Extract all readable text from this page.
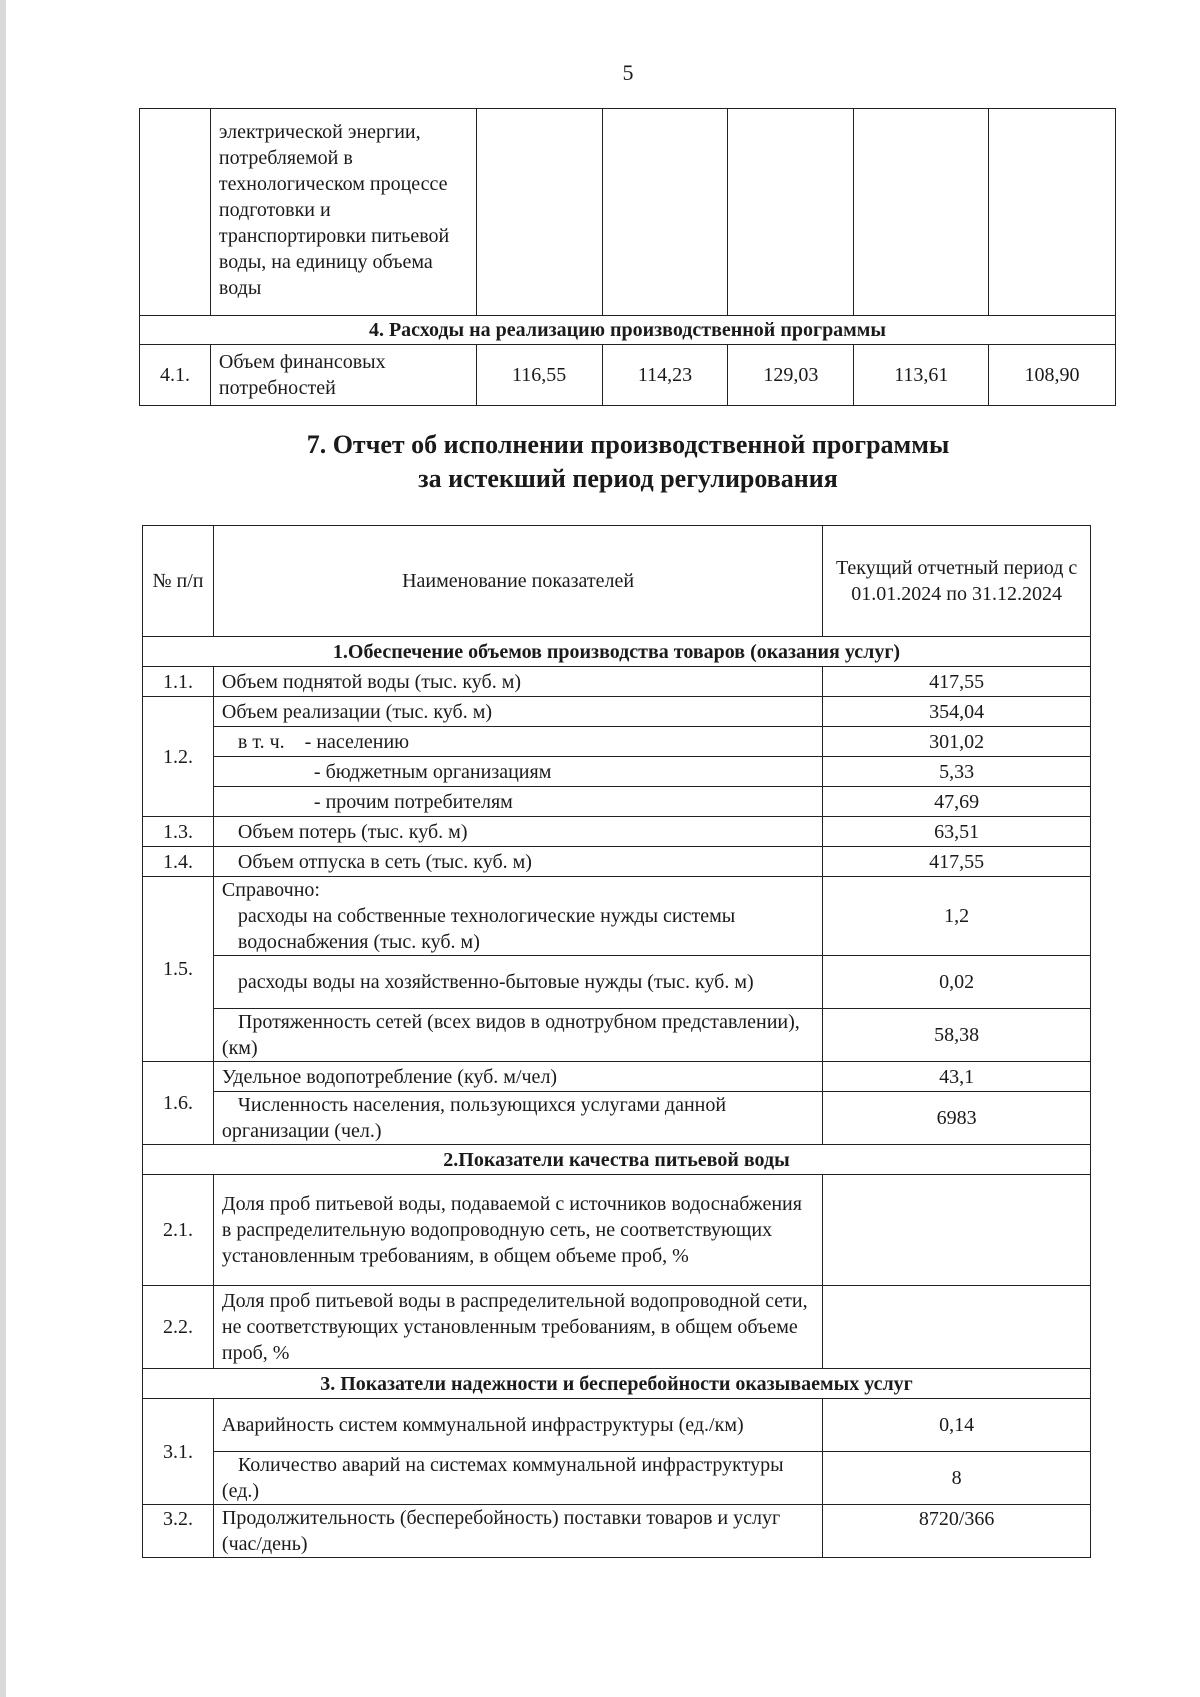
5
	электрической энергии, потребляемой в технологическом процессе подготовки и транспортировки питьевой воды, на единицу объема воды					
4. Расходы на реализацию производственной программы						
4.1.	Объем финансовых потребностей	116,55	114,23	129,03	113,61	108,90
7. Отчет об исполнении производственной программы
за истекший период регулирования
№ п/п	Наименование показателей	Текущий отчетный период с 01.01.2024 по 31.12.2024
1.Обеспечение объемов производства товаров (оказания услуг)		
1.1.	Объем поднятой воды (тыс. куб. м)	417,55
1.2.	Объем реализации (тыс. куб. м)	354,04
	в т. ч.    - населению	301,02
	- бюджетным организациям	5,33
	- прочим потребителям	47,69
1.3.	Объем потерь (тыс. куб. м)	63,51
1.4.	Объем отпуска в сеть (тыс. куб. м)	417,55
1.5.	Справочно:
расходы на собственные технологические нужды системы водоснабжения (тыс. куб. м)	1,2
	расходы воды на хозяйственно-бытовые нужды (тыс. куб. м)	0,02
	Протяженность сетей (всех видов в однотрубном представлении), (км)	58,38
1.6.	Удельное водопотребление (куб. м/чел)	43,1
	Численность населения, пользующихся услугами данной организации (чел.)	6983
2.Показатели качества питьевой воды		
2.1.	Доля проб питьевой воды, подаваемой с источников водоснабжения в распределительную водопроводную сеть, не соответствующих установленным требованиям, в общем объеме проб, %	
2.2.	Доля проб питьевой воды в распределительной водопроводной сети, не соответствующих установленным требованиям, в общем объеме проб, %	
3. Показатели надежности и бесперебойности оказываемых услуг		
3.1.	Аварийность систем коммунальной инфраструктуры (ед./км)	0,14
	Количество аварий на системах коммунальной инфраструктуры (ед.)	8
3.2.	Продолжительность (бесперебойность) поставки товаров и услуг (час/день)	8720/366
